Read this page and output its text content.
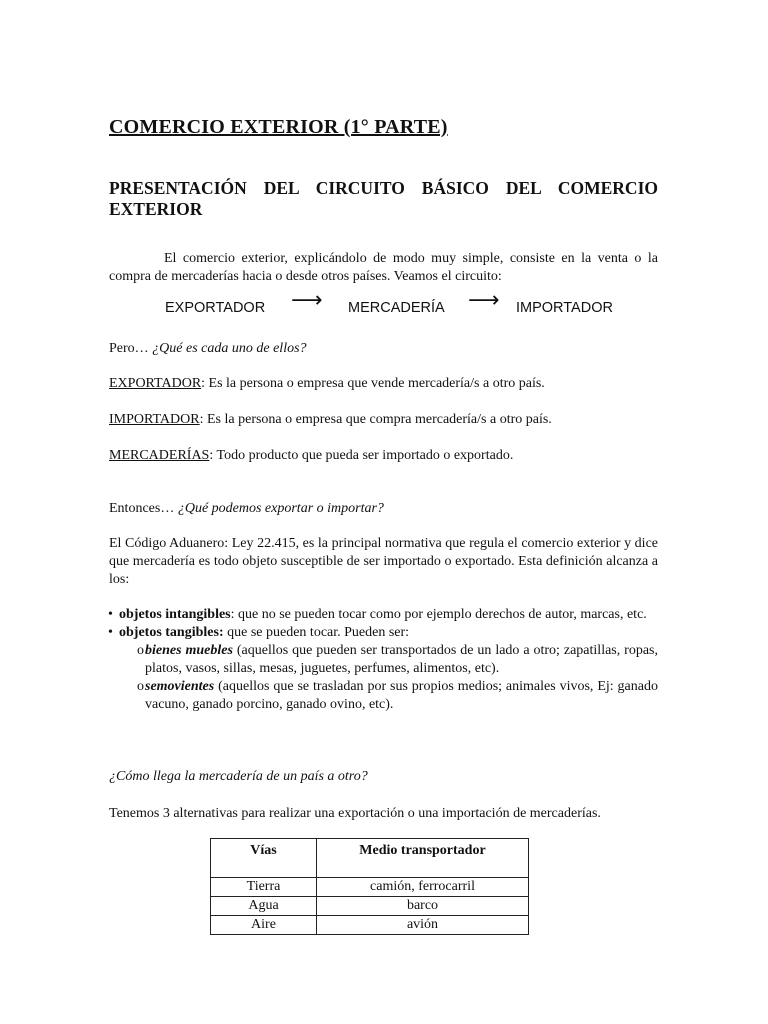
COMERCIO EXTERIOR (1° PARTE)
PRESENTACIÓN DEL CIRCUITO BÁSICO DEL COMERCIO EXTERIOR
El comercio exterior, explicándolo de modo muy simple, consiste en la venta o la compra de mercaderías hacia o desde otros países. Veamos el circuito:
EXPORTADOR ⟶ MERCADERÍA ⟶ IMPORTADOR
Pero… ¿Qué es cada uno de ellos?
EXPORTADOR: Es la persona o empresa que vende mercadería/s a otro país.
IMPORTADOR: Es la persona o empresa que compra mercadería/s a otro país.
MERCADERÍAS: Todo producto que pueda ser importado o exportado.
Entonces… ¿Qué podemos exportar o importar?
El Código Aduanero: Ley 22.415, es la principal normativa que regula el comercio exterior y dice que mercadería es todo objeto susceptible de ser importado o exportado. Esta definición alcanza a los:
• objetos intangibles: que no se pueden tocar como por ejemplo derechos de autor, marcas, etc.
• objetos tangibles: que se pueden tocar. Pueden ser:
o bienes muebles (aquellos que pueden ser transportados de un lado a otro; zapatillas, ropas, platos, vasos, sillas, mesas, juguetes, perfumes, alimentos, etc).
o semovientes (aquellos que se trasladan por sus propios medios; animales vivos, Ej: ganado vacuno, ganado porcino, ganado ovino, etc).
¿Cómo llega la mercadería de un país a otro?
Tenemos 3 alternativas para realizar una exportación o una importación de mercaderías.
Vías	Medio transportador
Tierra	camión, ferrocarril
Agua	barco
Aire	avión
